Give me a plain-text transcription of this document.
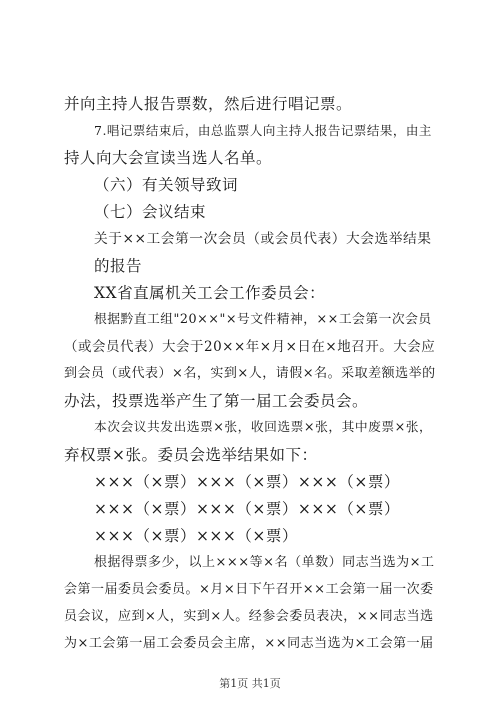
并向主持人报告票数，然后进行唱记票。
7.唱记票结束后，由总监票人向主持人报告记票结果，由主
持人向大会宣读当选人名单。
（六）有关领导致词
（七）会议结束
关于××工会第一次会员（或会员代表）大会选举结果
的报告
XX省直属机关工会工作委员会：
根据黔直工组"20××"×号文件精神，××工会第一次会员
（或会员代表）大会于20××年×月×日在×地召开。大会应
到会员（或代表）×名，实到×人，请假×名。采取差额选举的
办法，投票选举产生了第一届工会委员会。
本次会议共发出选票×张，收回选票×张，其中废票×张，
弃权票×张。委员会选举结果如下：
×××（×票）×××（×票）×××（×票）
×××（×票）×××（×票）×××（×票）
×××（×票）×××（×票）
根据得票多少，以上×××等×名（单数）同志当选为×工
会第一届委员会委员。×月×日下午召开××工会第一届一次委
员会议，应到×人，实到×人。经参会委员表决，××同志当选
为×工会第一届工会委员会主席，××同志当选为×工会第一届
第1页 共1页
